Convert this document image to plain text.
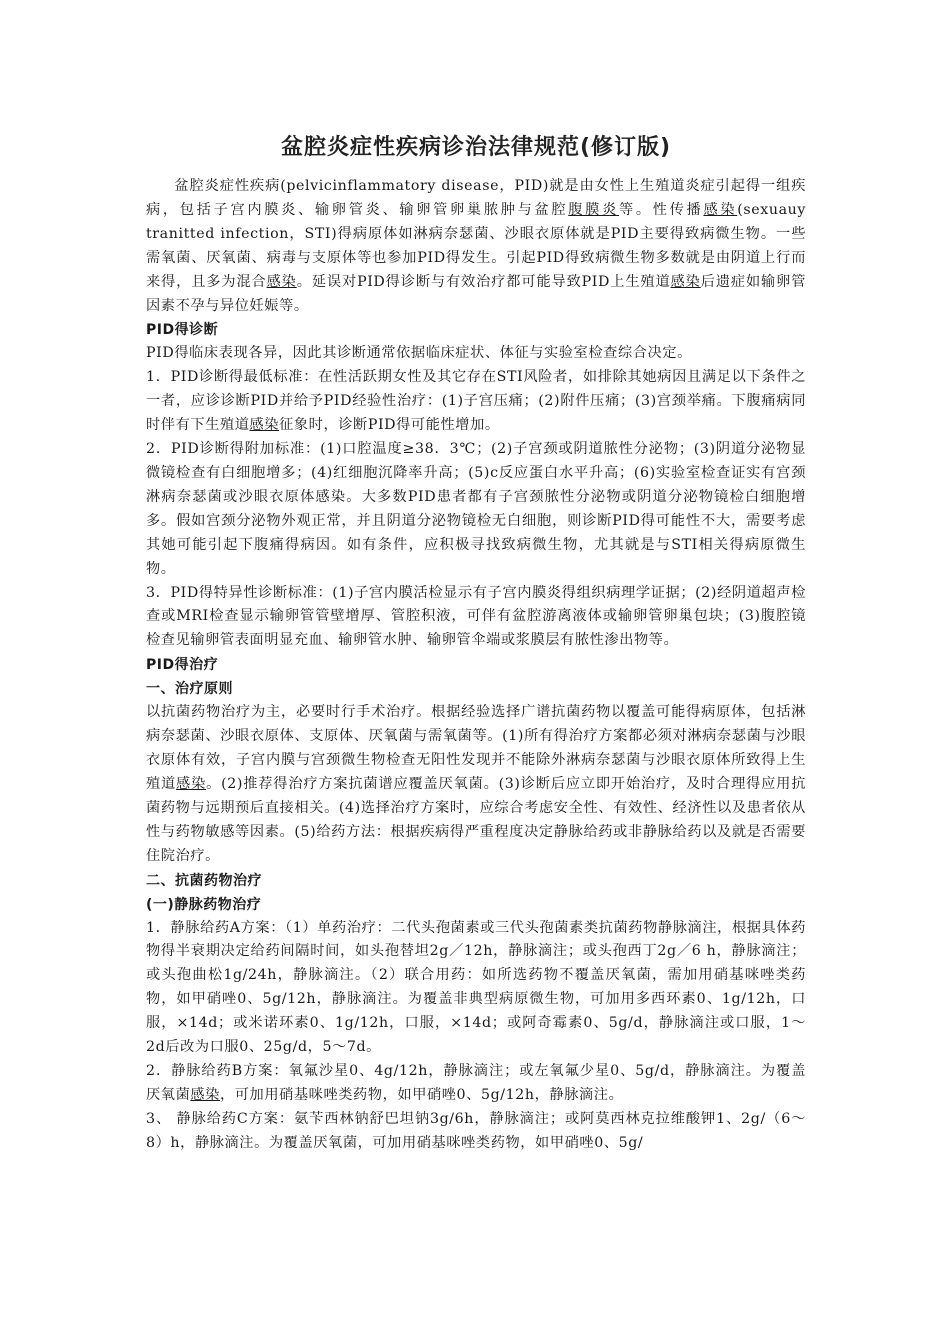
盆腔炎症性疾病诊治法律规范(修订版)

盆腔炎症性疾病(pelvicinflammatory disease，PID)就是由女性上生殖道炎症引起得一组疾病，包括子宫内膜炎、输卵管炎、输卵管卵巢脓肿与盆腔腹膜炎等。性传播感染(sexuauy tranitted infection，STI)得病原体如淋病奈瑟菌、沙眼衣原体就是PID主要得致病微生物。一些需氧菌、厌氧菌、病毒与支原体等也参加PID得发生。引起PID得致病微生物多数就是由阴道上行而来得，且多为混合感染。延误对PID得诊断与有效治疗都可能导致PID上生殖道感染后遗症如输卵管因素不孕与异位妊娠等。

PID得诊断

PID得临床表现各异，因此其诊断通常依据临床症状、体征与实验室检查综合决定。

1．PID诊断得最低标准：在性活跃期女性及其它存在STI风险者，如排除其她病因且满足以下条件之一者，应诊诊断PID并给予PID经验性治疗：(1)子宫压痛；(2)附件压痛；(3)宫颈举痛。下腹痛病同时伴有下生殖道感染征象时，诊断PID得可能性增加。

2．PID诊断得附加标准：(1)口腔温度≥38．3℃；(2)子宫颈或阴道脓性分泌物；(3)阴道分泌物显微镜检查有白细胞增多；(4)红细胞沉降率升高；(5)c反应蛋白水平升高；(6)实验室检查证实有宫颈淋病奈瑟菌或沙眼衣原体感染。大多数PID患者都有子宫颈脓性分泌物或阴道分泌物镜检白细胞增多。假如宫颈分泌物外观正常，并且阴道分泌物镜检无白细胞，则诊断PID得可能性不大，需要考虑其她可能引起下腹痛得病因。如有条件，应积极寻找致病微生物，尤其就是与STI相关得病原微生物。

3．PID得特异性诊断标准：(1)子宫内膜活检显示有子宫内膜炎得组织病理学证据；(2)经阴道超声检查或MRI检查显示输卵管管壁增厚、管腔积液，可伴有盆腔游离液体或输卵管卵巢包块；(3)腹腔镜检查见输卵管表面明显充血、输卵管水肿、输卵管伞端或浆膜层有脓性渗出物等。

PID得治疗

一、治疗原则

以抗菌药物治疗为主，必要时行手术治疗。根据经验选择广谱抗菌药物以覆盖可能得病原体，包括淋病奈瑟菌、沙眼衣原体、支原体、厌氧菌与需氧菌等。(1)所有得治疗方案都必须对淋病奈瑟菌与沙眼衣原体有效，子宫内膜与宫颈微生物检查无阳性发现并不能除外淋病奈瑟菌与沙眼衣原体所致得上生殖道感染。(2)推荐得治疗方案抗菌谱应覆盖厌氧菌。(3)诊断后应立即开始治疗，及时合理得应用抗菌药物与远期预后直接相关。(4)选择治疗方案时，应综合考虑安全性、有效性、经济性以及患者依从性与药物敏感等因素。(5)给药方法：根据疾病得严重程度决定静脉给药或非静脉给药以及就是否需要住院治疗。

二、抗菌药物治疗

(一)静脉药物治疗

1．静脉给药A方案：（1）单药治疗：二代头孢菌素或三代头孢菌素类抗菌药物静脉滴注，根据具体药物得半衰期决定给药间隔时间，如头孢替坦2g／12h，静脉滴注；或头孢西丁2g／6 h，静脉滴注；或头孢曲松1g/24h，静脉滴注。（2）联合用药：如所选药物不覆盖厌氧菌，需加用硝基咪唑类药物，如甲硝唑0、5g/12h，静脉滴注。为覆盖非典型病原微生物，可加用多西环素0、1g/12h，口服，×14d；或米诺环素0、1g/12h，口服，×14d；或阿奇霉素0、5g/d，静脉滴注或口服，1～2d后改为口服0、25g/d，5～7d。

2．静脉给药B方案：氧氟沙星0、4g/12h，静脉滴注；或左氧氟少星0、5g/d，静脉滴注。为覆盖厌氧菌感染，可加用硝基咪唑类药物，如甲硝唑0、5g/12h，静脉滴注。

3、 静脉给药C方案：氨苄西林钠舒巴坦钠3g/6h，静脉滴注；或阿莫西林克拉维酸钾1、2g/（6～8）h，静脉滴注。为覆盖厌氧菌，可加用硝基咪唑类药物，如甲硝唑0、5g/
